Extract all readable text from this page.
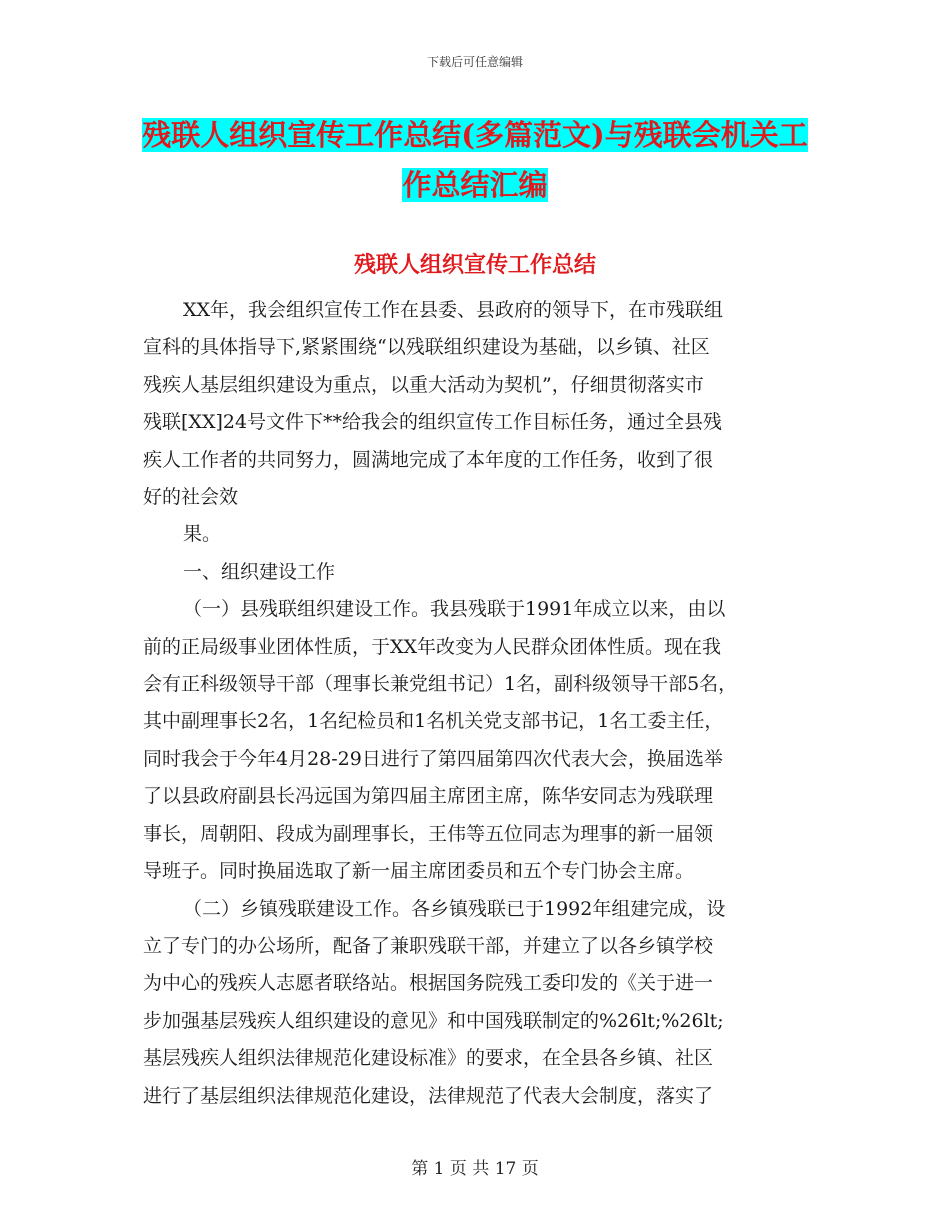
下载后可任意编辑
残联人组织宣传工作总结(多篇范文)与残联会机关工
作总结汇编
残联人组织宣传工作总结

XX年，我会组织宣传工作在县委、县政府的领导下，在市残联组
宣科的具体指导下,紧紧围绕“以残联组织建设为基础，以乡镇、社区
残疾人基层组织建设为重点，以重大活动为契机”，仔细贯彻落实市
残联[XX]24号文件下**给我会的组织宣传工作目标任务，通过全县残
疾人工作者的共同努力，圆满地完成了本年度的工作任务，收到了很
好的社会效

果。

一、组织建设工作

（一）县残联组织建设工作。我县残联于1991年成立以来，由以
前的正局级事业团体性质，于XX年改变为人民群众团体性质。现在我
会有正科级领导干部（理事长兼党组书记）1名，副科级领导干部5名，
其中副理事长2名，1名纪检员和1名机关党支部书记，1名工委主任，
同时我会于今年4月28-29日进行了第四届第四次代表大会，换届选举
了以县政府副县长冯远国为第四届主席团主席，陈华安同志为残联理
事长，周朝阳、段成为副理事长，王伟等五位同志为理事的新一届领
导班子。同时换届选取了新一届主席团委员和五个专门协会主席。

（二）乡镇残联建设工作。各乡镇残联已于1992年组建完成，设
立了专门的办公场所，配备了兼职残联干部，并建立了以各乡镇学校
为中心的残疾人志愿者联络站。根据国务院残工委印发的《关于进一
步加强基层残疾人组织建设的意见》和中国残联制定的%26lt;%26lt;
基层残疾人组织法律规范化建设标准》的要求，在全县各乡镇、社区
进行了基层组织法律规范化建设，法律规范了代表大会制度，落实了

第 1 页 共 17 页
